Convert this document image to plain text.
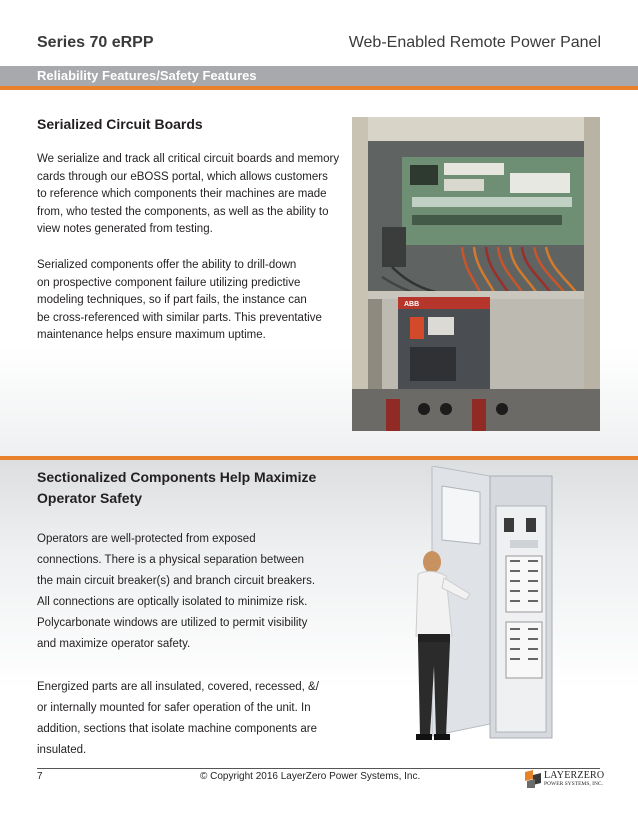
Series 70 eRPP	Web-Enabled Remote Power Panel
Reliability Features/Safety Features
Serialized Circuit Boards
We serialize and track all critical circuit boards and memory
cards through our eBOSS portal, which allows customers
to reference which components their machines are made
from, who tested the components, as well as the ability to
view notes generated from testing.
Serialized components offer the ability to drill-down
on prospective component failure utilizing predictive
modeling techniques, so if part fails, the instance can
be cross-referenced with similar parts. This preventative
maintenance helps ensure maximum uptime.
ABB
Sectionalized Components Help Maximize
Operator Safety
Operators are well-protected from exposed
connections. There is a physical separation between
the main circuit breaker(s) and branch circuit breakers.
All connections are optically isolated to minimize risk.
Polycarbonate windows are utilized to permit visibility
and maximize operator safety.
Energized parts are all insulated, covered, recessed, &/
or internally mounted for safer operation of the unit. In
addition, sections that isolate machine components are
insulated.
7	© Copyright 2016 LayerZero Power Systems, Inc.	LAYERZERO
POWER SYSTEMS, INC.
